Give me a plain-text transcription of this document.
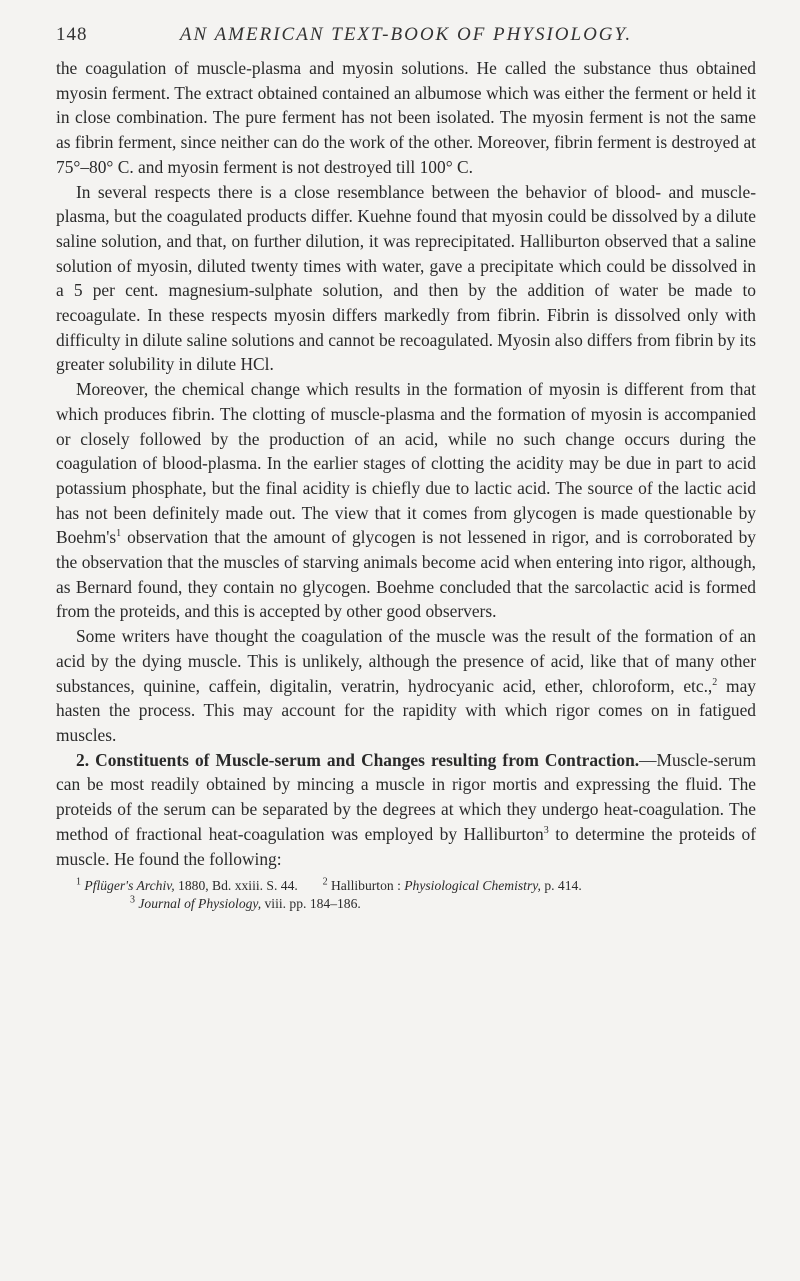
148	AN AMERICAN TEXT-BOOK OF PHYSIOLOGY.

the coagulation of muscle-plasma and myosin solutions. He called the substance thus obtained myosin ferment. The extract obtained contained an albumose which was either the ferment or held it in close combination. The pure ferment has not been isolated. The myosin ferment is not the same as fibrin ferment, since neither can do the work of the other. Moreover, fibrin ferment is destroyed at 75°–80° C. and myosin ferment is not destroyed till 100° C.

In several respects there is a close resemblance between the behavior of blood- and muscle-plasma, but the coagulated products differ. Kuehne found that myosin could be dissolved by a dilute saline solution, and that, on further dilution, it was reprecipitated. Halliburton observed that a saline solution of myosin, diluted twenty times with water, gave a precipitate which could be dissolved in a 5 per cent. magnesium-sulphate solution, and then by the addition of water be made to recoagulate. In these respects myosin differs markedly from fibrin. Fibrin is dissolved only with difficulty in dilute saline solutions and cannot be recoagulated. Myosin also differs from fibrin by its greater solubility in dilute HCl.

Moreover, the chemical change which results in the formation of myosin is different from that which produces fibrin. The clotting of muscle-plasma and the formation of myosin is accompanied or closely followed by the production of an acid, while no such change occurs during the coagulation of blood-plasma. In the earlier stages of clotting the acidity may be due in part to acid potassium phosphate, but the final acidity is chiefly due to lactic acid. The source of the lactic acid has not been definitely made out. The view that it comes from glycogen is made questionable by $Boehm's^1$ observation that the amount of glycogen is not lessened in rigor, and is corroborated by the observation that the muscles of starving animals become acid when entering into rigor, although, as Bernard found, they contain no glycogen. Boehme concluded that the sarcolactic acid is formed from the proteids, and this is accepted by other good observers.

Some writers have thought the coagulation of the muscle was the result of the formation of an acid by the dying muscle. This is unlikely, although the presence of acid, like that of many other substances, quinine, caffein, digitalin, veratrin, hydrocyanic acid, ether, chloroform, etc.,$^2$ may hasten the process. This may account for the rapidity with which rigor comes on in fatigued muscles.

2. Constituents of Muscle-serum and Changes resulting from Contraction.—Muscle-serum can be most readily obtained by mincing a muscle in rigor mortis and expressing the fluid. The proteids of the serum can be separated by the degrees at which they undergo heat-coagulation. The method of fractional heat-coagulation was employed by Halliburton$^3$ to determine the proteids of muscle. He found the following:

$^1$ Pflüger's Archiv, 1880, Bd. xxiii. S. 44. $^2$ Halliburton : Physiological Chemistry, p. 414.
$^3$ Journal of Physiology, viii. pp. 184–186.
